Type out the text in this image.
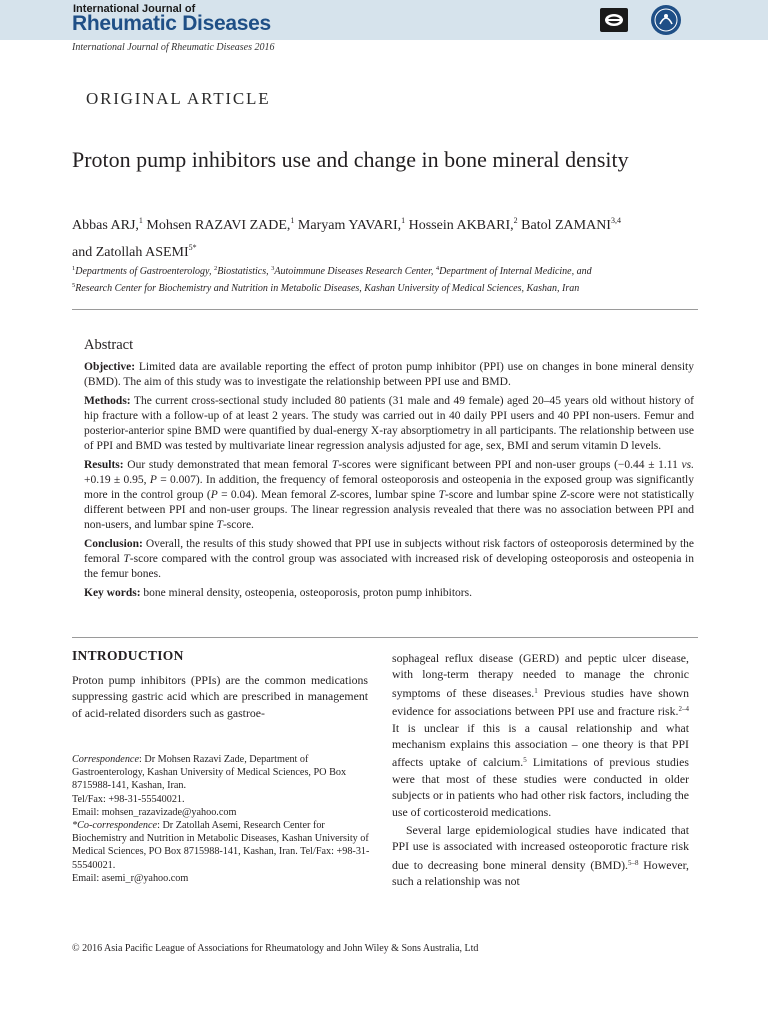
International Journal of
Rheumatic Diseases
International Journal of Rheumatic Diseases 2016
ORIGINAL ARTICLE
Proton pump inhibitors use and change in bone mineral density
Abbas ARJ,$^1$ Mohsen RAZAVI ZADE,$^1$ Maryam YAVARI,$^1$ Hossein AKBARI,$^2$ Batol ZAMANI$^{3,4}$
and Zatollah $ASEMI^{5*}$
$^1$Departments of Gastroenterology, $^2$Biostatistics, $^3$Autoimmune Diseases Research Center, $^4$Department of Internal Medicine, and
$^5$Research Center for Biochemistry and Nutrition in Metabolic Diseases, Kashan University of Medical Sciences, Kashan, Iran
Abstract

Objective: Limited data are available reporting the effect of proton pump inhibitor (PPI) use on changes in bone mineral density (BMD). The aim of this study was to investigate the relationship between PPI use and BMD.

Methods: The current cross-sectional study included 80 patients (31 male and 49 female) aged 20–45 years old without history of hip fracture with a follow-up of at least 2 years. The study was carried out in 40 daily PPI users and 40 PPI non-users. Femur and posterior-anterior spine BMD were quantified by dual-energy X-ray absorptiometry in all participants. The relationship between use of PPI and BMD was tested by multivariate linear regression analysis adjusted for age, sex, BMI and serum vitamin D levels.

Results: Our study demonstrated that mean femoral T-scores were significant between PPI and non-user groups (−0.44 ± 1.11 vs. +0.19 ± 0.95, P = 0.007). In addition, the frequency of femoral osteoporosis and osteopenia in the exposed group was significantly more in the control group (P = 0.04). Mean femoral Z-scores, lumbar spine T-score and lumbar spine Z-score were not statistically different between PPI and non-user groups. The linear regression analysis revealed that there was no association between PPI and non-users, and lumbar spine T-score.

Conclusion: Overall, the results of this study showed that PPI use in subjects without risk factors of osteoporosis determined by the femoral T-score compared with the control group was associated with increased risk of developing osteoporosis and osteopenia in the femur bones.

Key words: bone mineral density, osteopenia, osteoporosis, proton pump inhibitors.

INTRODUCTION

Proton pump inhibitors (PPIs) are the common medications suppressing gastric acid which are prescribed in management of acid-related disorders such as gastroe-

Correspondence: Dr Mohsen Razavi Zade, Department of Gastroenterology, Kashan University of Medical Sciences, PO Box 8715988-141, Kashan, Iran.

Tel/Fax: +98-31-55540021.

Email: mohsen_razavizade@yahoo.com

*Co-correspondence: Dr Zatollah Asemi, Research Center for Biochemistry and Nutrition in Metabolic Diseases, Kashan University of Medical Sciences, PO Box 8715988-141, Kashan, Iran. Tel/Fax: +98-31-55540021.

Email: asemi_r@yahoo.com

sophageal reflux disease (GERD) and peptic ulcer disease, with long-term therapy needed to manage the chronic symptoms of these diseases.$^1$ Previous studies have shown evidence for associations between PPI use and fracture risk.$^{2-4}$ It is unclear if this is a causal relationship and what mechanism explains this association – one theory is that PPI affects uptake of calcium.$^5$ Limitations of previous studies were that most of these studies were conducted in older subjects or in patients who had other risk factors, including the use of corticosteroid medications.

Several large epidemiological studies have indicated that PPI use is associated with increased osteoporotic fracture risk due to decreasing bone mineral density (BMD).$^{5-8}$ However, such a relationship was not

© 2016 Asia Pacific League of Associations for Rheumatology and John Wiley & Sons Australia, Ltd
